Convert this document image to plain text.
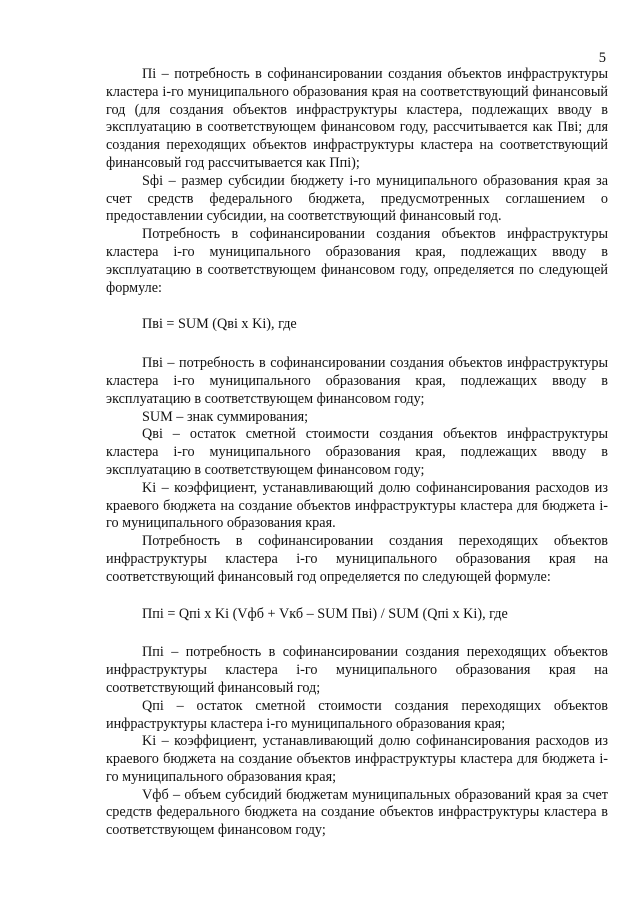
5

Пi – потребность в софинансировании создания объектов инфраструктуры кластера i-го муниципального образования края на соответствующий финансовый год (для создания объектов инфраструктуры кластера, подлежащих вводу в эксплуатацию в соответствующем финансовом году, рассчитывается как Пвi; для создания переходящих объектов инфраструктуры кластера на соответствующий финансовый год рассчитывается как Ппi);

Sфi – размер субсидии бюджету i-го муниципального образования края за счет средств федерального бюджета, предусмотренных соглашением о предоставлении субсидии, на соответствующий финансовый год.

Потребность в софинансировании создания объектов инфраструктуры кластера i-го муниципального образования края, подлежащих вводу в эксплуатацию в соответствующем финансовом году, определяется по следующей формуле:

Пвi = SUM (Qвi x Ki), где

Пвi – потребность в софинансировании создания объектов инфраструктуры кластера i-го муниципального образования края, подлежащих вводу в эксплуатацию в соответствующем финансовом году;

SUM – знак суммирования;

Qвi – остаток сметной стоимости создания объектов инфраструктуры кластера i-го муниципального образования края, подлежащих вводу в эксплуатацию в соответствующем финансовом году;

Ki – коэффициент, устанавливающий долю софинансирования расходов из краевого бюджета на создание объектов инфраструктуры кластера для бюджета i-го муниципального образования края.

Потребность в софинансировании создания переходящих объектов инфраструктуры кластера i-го муниципального образования края на соответствующий финансовый год определяется по следующей формуле:

Ппi = Qпi x Ki (Vфб + Vкб – SUM Пвi) / SUM (Qпi x Ki), где

Ппi – потребность в софинансировании создания переходящих объектов инфраструктуры кластера i-го муниципального образования края на соответствующий финансовый год;

Qпi – остаток сметной стоимости создания переходящих объектов инфраструктуры кластера i-го муниципального образования края;

Ki – коэффициент, устанавливающий долю софинансирования расходов из краевого бюджета на создание объектов инфраструктуры кластера для бюджета i-го муниципального образования края;

Vфб – объем субсидий бюджетам муниципальных образований края за счет средств федерального бюджета на создание объектов инфраструктуры кластера в соответствующем финансовом году;
